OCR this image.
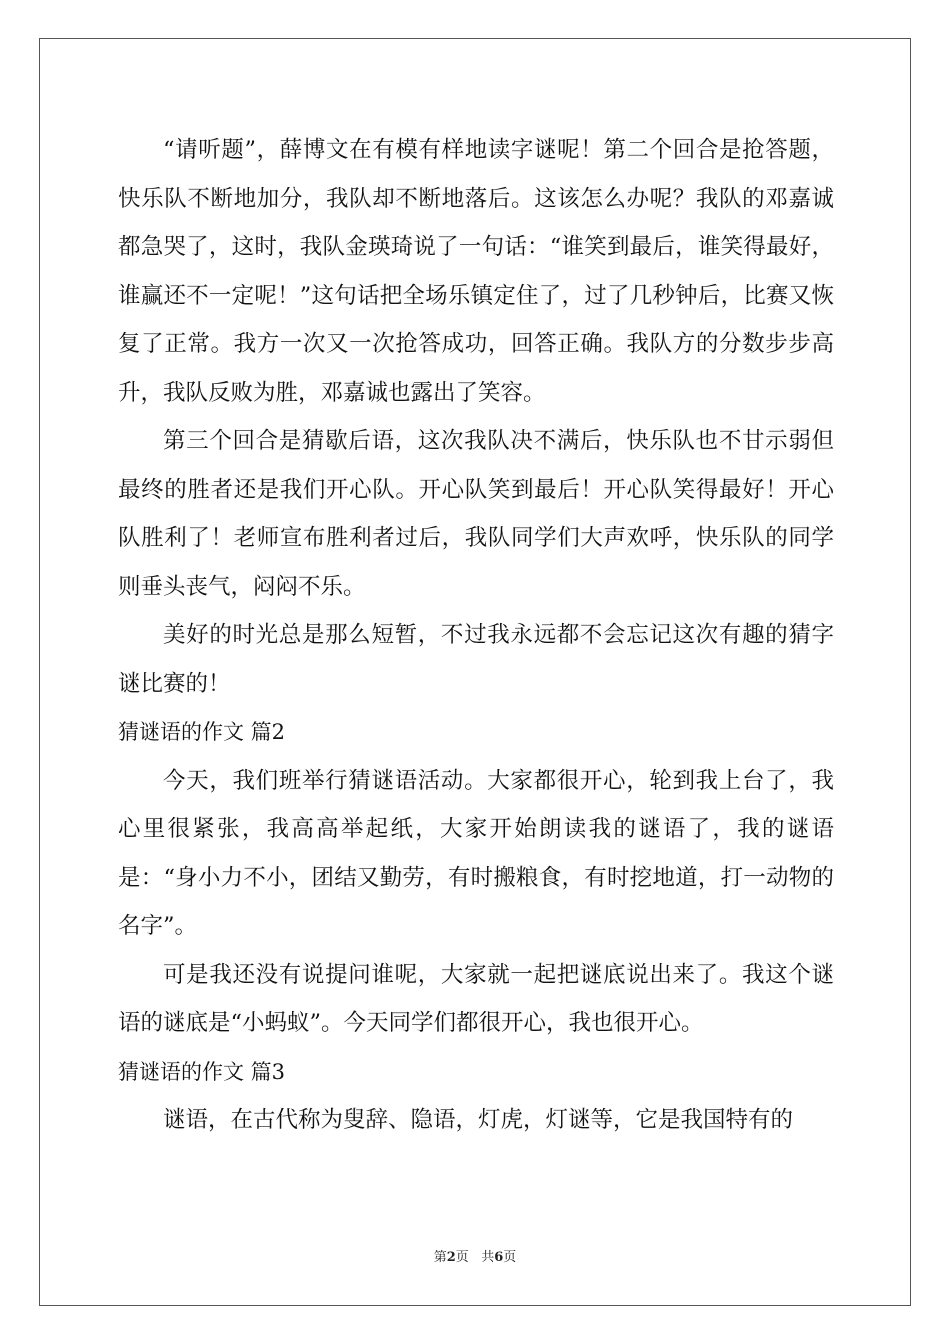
“请听题”，薛博文在有模有样地读字谜呢！第二个回合是抢答题，快乐队不断地加分，我队却不断地落后。这该怎么办呢？我队的邓嘉诚都急哭了，这时，我队金瑛琦说了一句话：“谁笑到最后，谁笑得最好，谁赢还不一定呢！”这句话把全场乐镇定住了，过了几秒钟后，比赛又恢复了正常。我方一次又一次抢答成功，回答正确。我队方的分数步步高升，我队反败为胜，邓嘉诚也露出了笑容。

第三个回合是猜歇后语，这次我队决不满后，快乐队也不甘示弱但最终的胜者还是我们开心队。开心队笑到最后！开心队笑得最好！开心队胜利了！老师宣布胜利者过后，我队同学们大声欢呼，快乐队的同学则垂头丧气，闷闷不乐。

美好的时光总是那么短暂，不过我永远都不会忘记这次有趣的猜字谜比赛的！

猜谜语的作文 篇2

今天，我们班举行猜谜语活动。大家都很开心，轮到我上台了，我心里很紧张，我高高举起纸，大家开始朗读我的谜语了，我的谜语是：“身小力不小，团结又勤劳，有时搬粮食，有时挖地道，打一动物的名字”。

可是我还没有说提问谁呢，大家就一起把谜底说出来了。我这个谜语的谜底是“小蚂蚁”。今天同学们都很开心，我也很开心。

猜谜语的作文 篇3

谜语，在古代称为叟辞、隐语，灯虎，灯谜等，它是我国特有的

第2页 共6页
